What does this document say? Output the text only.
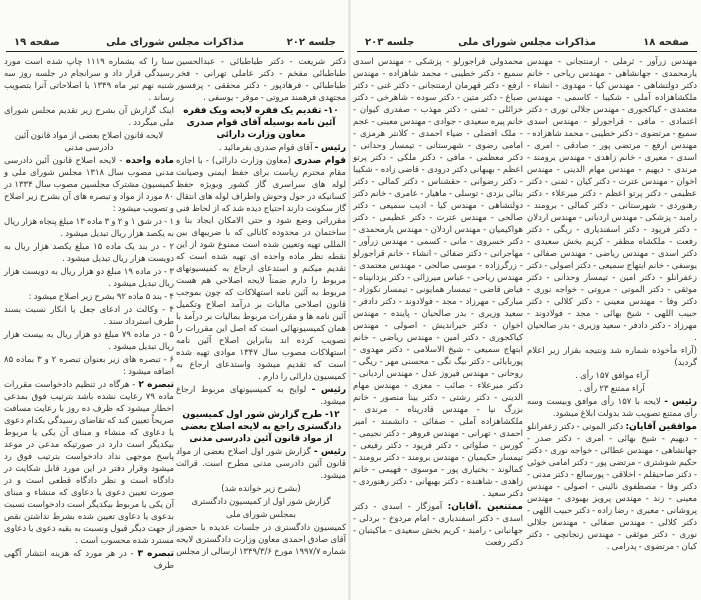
صفحه ۱۹	مذاکرات مجلس شورای ملی	جلسه ۲۰۲

دکتر شریعت - دکتر طباطبائی - عبدالحسین طباطبائی مفخم - دکتر عاملی تهرانی - فخر طباطبائی - فرهادپور - دکتر محققی - پرفسور مجتهدی فرهمند مروتی - موقر - یوسفی .

۱۰- تقدیم یک فقره لایحه ویک فقره آئین نامه بوسیله آقای قوام صدری معاون وزارت دارائی

رئیس - آقای قوام صدری بفرمائید .

قوام صدری (معاون وزارت دارائی) - با اجازه مقام محترم ریاست برای حفظ ایمنی وصیانت لوله های سراسری گاز کشور وبویژه حفظ کسانیکه در حول وحوش واطراف لوله های انتقال گاز سکونت دارند احتیاج دیده شد که از لحاظ فنی مقرراتی وضع شود و حتی الامکان ایجاد بنا و ساختمان در محدوده کانالی که با ضریبهای بین المللی تهیه وتعیین شده است ممنوع شود از این نقطه نظر ماده واحده ای تهیه شده است که تقدیم میکنم و استدعای ارجاع به کمیسیونهای مربوط را دارم ضمناً لایحه اصلاحی هم هست مربوط به آئین نامه استهلاکات که چون بموجب قانون اصلاحی مالیات بر درآمد اصلاح وتکمیل آئین نامه ها و مقررات مربوط بمالیات بر درآمد با همان کمیسیونهائی است که اصل این مقررات را تصویب کرده اند بنابراین اصلاح آئین نامه استهلاکات مصوب سال ۱۳۴۷ موادی تهیه شده است که تقدیم میشود واستدعای ارجاع به کمیسیون دارائی را دارم .

رئیس - لوایح به کمیسیونهای مربوط ارجاع میشود.

۱۲- طرح گزارش شور اول کمیسیون دادگستری راجع به لایحه اصلاح بعضی از مواد قانون آئین دادرسی مدنی

رئیس - گزارش شور اول اصلاح بعضی از مواد قانون آئین دادرسی مدنی مطرح است. قرائت میشود.

(بشرح زیر خوانده شد)

گزارش شور اول از کمیسیون دادگستری

بمجلس شورای ملی

کمیسیون دادگستری در جلسات عدیده با حضور آقای صادق احمدی معاون وزارت دادگستری لایحه شماره ۱۹۹۷/۷ مورخ ۱۳۴۹/۳/۶ ارسالی از مجلس

سنا را که بشماره ۱۱۱۹ چاپ شده است مورد رسیدگی قرار داد و سرانجام در جلسه روز سه شنبه نهم تیر ماه ۱۳۴۹ با اصلاحاتی آنرا بتصویب رساند .

اینک گزارش آن بشرح زیر تقدیم مجلس شورای ملی میگردد .

لایحه قانون اصلاح بعضی از مواد قانون آئین دادرسی مدنی

ماده واحده - لایحه اصلاح قانون آئین دادرسی مدنی مصوب سال ۱۳۱۸ مجلس شورای ملی و کمیسیون مشترک مجلسین مصوب سال ۱۳۳۴ در ۸۰ مورد از مواد و تبصره های آن بشرح زیر اصلاح و تصویب میشود :

۱ - در شق ۱ و ۲ و ۳ ماده ۱۳ مبلغ پنجاه هزار ریال به یکصد هزار ریال تبدیل میشود .

۲ - در بند یک ماده ۱۵ مبلغ یکصد هزار ریال به دویست هزار ریال تبدیل میشود .

۳ - در ماده ۱۹ مبلغ دو هزار ریال به دویست هزار ریال تبدیل میشود .

۴ - بند ۵ ماده ۹۲ بشرح زیر اصلاح میشود :

۴ - وکالت در ادعای جعل یا انکار نسبت بسند طرف استرداد سند .

۵ - در ماده ۷۹ مبلغ دو هزار ریال به بیست هزار ریال تبدیل میشود .

۶ - تبصره های زیر بعنوان تبصره ۲ و ۳ بماده ۸۵ اضافه میشود :

تبصره ۲ - هرگاه در تنظیم دادخواست مقررات ماده ۷۹ رعایت نشده باشد بترتیب فوق بمدعی اخطار میشود که ظرف ده روز با رعایت مسافت صریحاً تعیین کند که تقاضای رسیدگی بکدام دعوی یا دعاوی که منشاء و مبنای آن یکی یا مربوط بیکدیگر است دارد در صورتیکه مدعی در موعد پاسخ موجهی نداد دادخواست بترتیب فوق رد میشود وقرار دفتر در این مورد قابل شکایت در دادگاه است و نظر دادگاه قطعی است و در صورت تعیین دعوی یا دعاوی که منشاء و مبنای آن یکی یا مربوط بیکدیگر است دادخواست نسبت بدعوی یا دعاوی تعیین شده بشرط نداشتن نقص از جهت دیگر قبول ونسبت به بقیه دعوی یا دعاوی مسترد شده محسوب است .

تبصره ۳ - در هر مورد که هزینه انتشار آگهی طرف

جلسه ۲۰۳	مذاکرات مجلس شورای ملی	صفحه ۱۸

مهندس زرآور - ثرملی - ارمنتجانی - مهندس یارمحمدی - جهانشاهی - مهندس ریاحی - خانم دکتر دولتشاهی - مهندس کیا - مهدوی - انشاء - ملکشاهزاده آملی - شکیبا - کاسمی - مهندس معتمدی - کیاکجوری - مهندس جلالی نوری - دکتر اعتمادی - مافی - قراجورلو - مهندس اسدی سمیع - مرتضوی - دکتر خطیبی - محمد شاهزاده - مهندس ارفع - مرتضی پور - صادقی - امری - اسدی - معیری - خانم زاهدی - مهندس برومند - مرندی - دیهیم - مهندس مهام الدینی - مهندس اخوان - مهندس عترت - دکتر کیان - ثمنی - دکتر عظیمی - دکتر پرتو اعظم - دکتر میرعلاء - دکتر رهنوردی - شهرستانی - دکتر کمالی - برومند - رامبد - پزشکی - مهندس اردبانی - مهندس اردلان - دکتر فریود - دکتر اسفندیاری - ریگی - دکتر رفعت - ملکشاه مظفر - کریم بخش سعیدی - دکتر اسدی - مهندس ریاضی - مهندس صفائی - یوسفی - خانم ابتهاج سمیعی - دکتر اصولی - دکتر زعفرانلو - دکتر امین - تیمسار وحدانی - دکتر موثقی - دکتر الموتی - مروتی - خواجه نوری - دکتر وفا - مهندس معینی - دکتر کلالی - دکتر حبیب اللهی - شیخ بهائی - مجد - فولادوند - مهرزاد - دکتر دادفر - سعید وزیری - بدر صالحیان .

(آراء مأخوذه شماره شد ونتیجه بقرار زیر اعلام گردید)

آراء موافق ۱۵۷ رأی .

آراء ممتنع ۲۳ رأی .

رئیس - لایحه با ۱۵۷ رأی موافق وبیست وسه رأی ممتنع تصویب شد بدولت ابلاغ میشود.

موافقین آقایان: دکتر الموتی - دکتر زعفرانلو - دیهیم - شیخ بهائی - امری - دکتر صدر - جهانشاهی - مهندس عطائی - خواجه نوری - دکتر حکیم شوشتری - مرتضی پور - دکتر امامی خوئی - دکتر صاحبقلم - اخلاقی - پورسالع - دکتر مدنی - دکتر وفا - مصطفوی نائینی - اصولی - مهندس معینی - زند - مهندس پرویز بهبودی - مهندس پروشانی - معیری - رضا زاده - دکتر حبیب اللهی - دکتر کلالی - مهندس صفائی - مهندس جلالی نوری - دکتر موثقی - مهندس زنجانچی - دکتر کیان - مرتضوی - پدرامی .

محمدولی قراجورلو - پزشکی - مهندس اسدی سمیع - دکتر خطیبی - محمد شاهزاده - مهندس ارفع - دکتر قهرمان ارمنتجانی - دکتر غنی - دکتر صباغ - دکتر متین - دکتر سوده - شاهرخی - دکتر خزائلی - ثمنی - دکتر مهذب - صفدری کیوان - خانم پیره سعیدی - جوادی - مهندس معینی - عجم - ملک افضلی - ضیاء احمدی - کلانتر هرمزی - امامی رضوی - شهرستانی - تیمسار وحدانی - دکتر معظمی - مافی - دکتر ملکی - دکتر پرتو اعظم - بهبهانی دکتر درودی - قاضی زاده - شکیبا - دکتر رضوانی - حقشناس - دکتر کمالی - دکتر بنائی یزدی - توسلی - ماهیار - عامری - خانم دکتر دولتشاهی - مهندس کیا - ادیب سمیعی - دکتر صالحی - مهندس عترت - دکتر عظیمی - دکتر هواکیمیان - مهندس اردلان - مهندس یارمحمدی - دکتر خسروی - مانی - کسمی - مهندس زرآور - مهاجرانی - دکتر صفائی - انشاء - خانم قراجورلو - زرگرزاده - موسی صالحی - مهندس معتمدی - مهندس ریاحی - عباس میرزائی - دکتر یزدانپناه - فیاض قاضی - تیمسار همایونی - تیمسار نکوزاد - مبارکی - مهرزاد - مجد - فولادوند - دکتر دادفر - سعید وزیری - بدر صالحیان - پاینده - مهندس اخوان - دکتر خیراندیش - اصولی - مهندس کیاکجوری - دکتر امین - مهندس ریاضی - خانم ابتهاج سمیعی - شیخ الاسلامی - دکتر مهدوی - پوربابائی - دکتر بیگ نگی - محسنی مهر - ریگی - روحانی - مهندس فیروز عدل - مهندس اردبانی - دکتر میرعلاء - صائب - معزی - مهندس مهام الدینی - دکتر رشتی - دکتر بینا منصور - خانم بزرگ نیا - مهندس قادرپناه - مرندی - ملکشاهزاده آملی - صفائی - دانشمند - امیر احمدی - تهرانی - مهندس فروهر - دکتر نجیمی - کورس - صلواتی - دکتر فریود - دکتر رفیعی - تیمسار حکیمیان - مهندس برومند - دکتر برومند - کمالوند - بختیاری پور - موسوی - فهیمی - خانم زاهدی - شاهنده - دکتر بهبهانی - دکتر رهنوردی - دکتر سعید .

ممتنعین .آقایان: آموزگار - اسدی - دکتر اسدی - دکتر اسفندیاری - امام مردوخ - بردلی - جهانبانی - رامبد - کریم بخش سعیدی - ماکیتبان - دکتر رفعت
